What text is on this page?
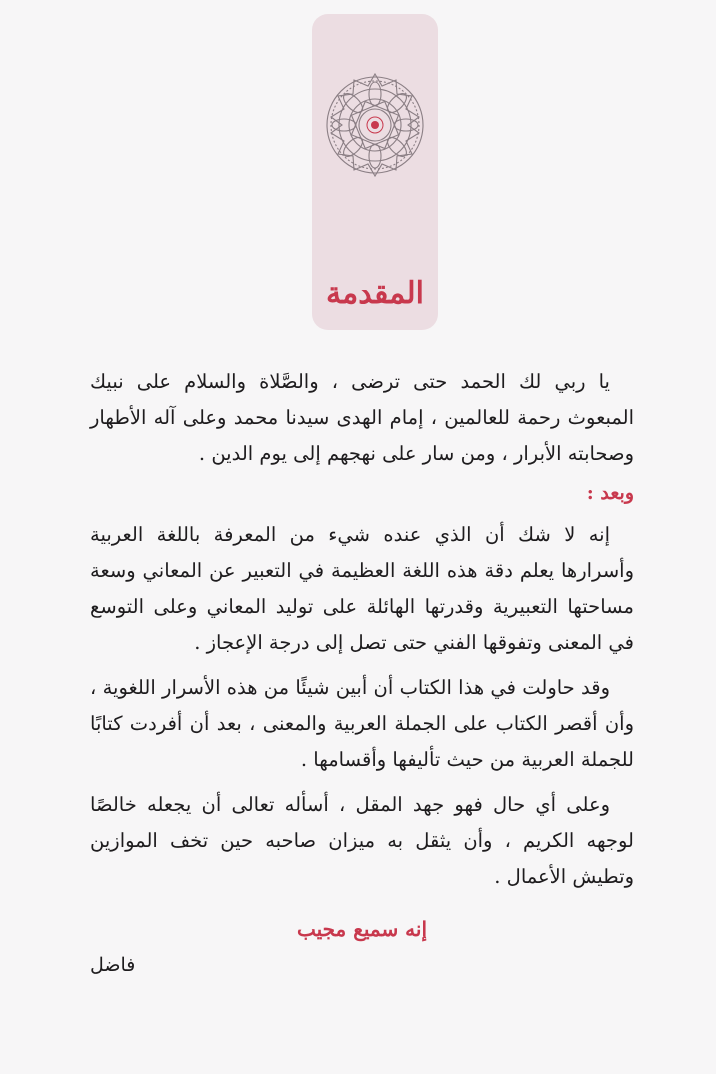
المقدمة

يا ربي لك الحمد حتى ترضى ، والصَّلاة والسلام على نبيك المبعوث رحمة للعالمين ، إمام الهدى سيدنا محمد وعلى آله الأطهار وصحابته الأبرار ، ومن سار على نهجهم إلى يوم الدين .

وبعد :

إنه لا شك أن الذي عنده شيء من المعرفة باللغة العربية وأسرارها يعلم دقة هذه اللغة العظيمة في التعبير عن المعاني وسعة مساحتها التعبيرية وقدرتها الهائلة على توليد المعاني وعلى التوسع في المعنى وتفوقها الفني حتى تصل إلى درجة الإعجاز .

وقد حاولت في هذا الكتاب أن أبين شيئًا من هذه الأسرار اللغوية ، وأن أقصر الكتاب على الجملة العربية والمعنى ، بعد أن أفردت كتابًا للجملة العربية من حيث تأليفها وأقسامها .

وعلى أي حال فهو جهد المقل ، أسأله تعالى أن يجعله خالصًا لوجهه الكريم ، وأن يثقل به ميزان صاحبه حين تخف الموازين وتطيش الأعمال .

إنه سميع مجيب
فاضل
